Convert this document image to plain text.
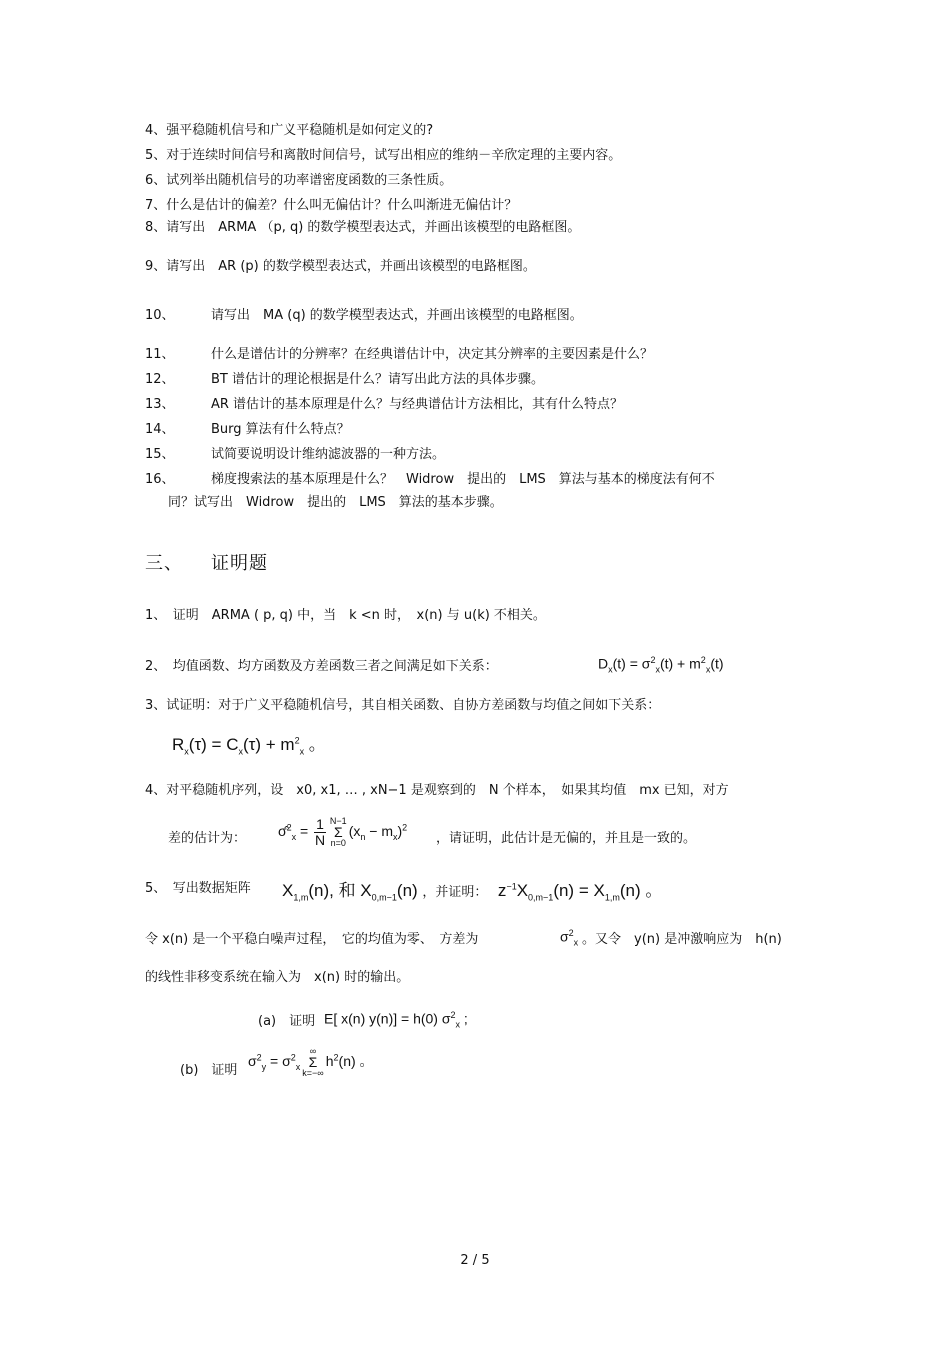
4、强平稳随机信号和广义平稳随机是如何定义的?
5、对于连续时间信号和离散时间信号，试写出相应的维纳－辛欣定理的主要内容。
6、试列举出随机信号的功率谱密度函数的三条性质。
7、什么是估计的偏差？什么叫无偏估计？什么叫渐进无偏估计？
8、请写出　ARMA （p, q) 的数学模型表达式，并画出该模型的电路框图。
9、请写出　AR (p) 的数学模型表达式，并画出该模型的电路框图。
10、	请写出　MA (q) 的数学模型表达式，并画出该模型的电路框图。
11、	什么是谱估计的分辨率？在经典谱估计中，决定其分辨率的主要因素是什么？
12、	BT 谱估计的理论根据是什么？请写出此方法的具体步骤。
13、	AR 谱估计的基本原理是什么？与经典谱估计方法相比，其有什么特点？
14、	Burg 算法有什么特点？
15、	试简要说明设计维纳滤波器的一种方法。
16、	梯度搜索法的基本原理是什么？　Widrow　提出的　LMS　算法与基本的梯度法有何不
同？试写出　Widrow　提出的　LMS　算法的基本步骤。
三、 证明题
1、　证明　ARMA ( p, q) 中，当　k <n 时，　x(n) 与 u(k) 不相关。
2、　均值函数、均方函数及方差函数三者之间满足如下关系：	$D_x(t) = \sigma^2_x(t) + m^2_x(t)$
3、试证明：对于广义平稳随机信号，其自相关函数、自协方差函数与均值之间如下关系：
$R_x(\tau) = C_x(\tau) + m^2_x$ 。
4、对平稳随机序列，设　x0, x1, … , xN−1 是观察到的　N 个样本，　如果其均值　mx 已知，对方
差的估计为： σ̂$^2_x$ = $\frac{1}{N} N-1$
Σ
n=0
$(x_n - m_x)^2$
，请证明，此估计是无偏的，并且是一致的。
5、　写出数据矩阵 $X_{1,m}(n)$, 和 $X_{0,m-1}(n)$ ，并证明：　$z^{-1}X_{0,m-1}(n) = X_{1,m}(n)$ 。
令 x(n) 是一个平稳白噪声过程，　它的均值为零、　方差为	$\sigma^2_x$ 。又令　y(n) 是冲激响应为　h(n)
的线性非移变系统在输入为　x(n) 时的输出。
(a)　证明 E[ x(n) y(n)] = h(0) $\sigma^2_x$ ;
(b)　证明
$\sigma^2_y = \sigma^2_x$
∞
Σ
k=−∞
$h^2(n)$ 。
2 / 5
